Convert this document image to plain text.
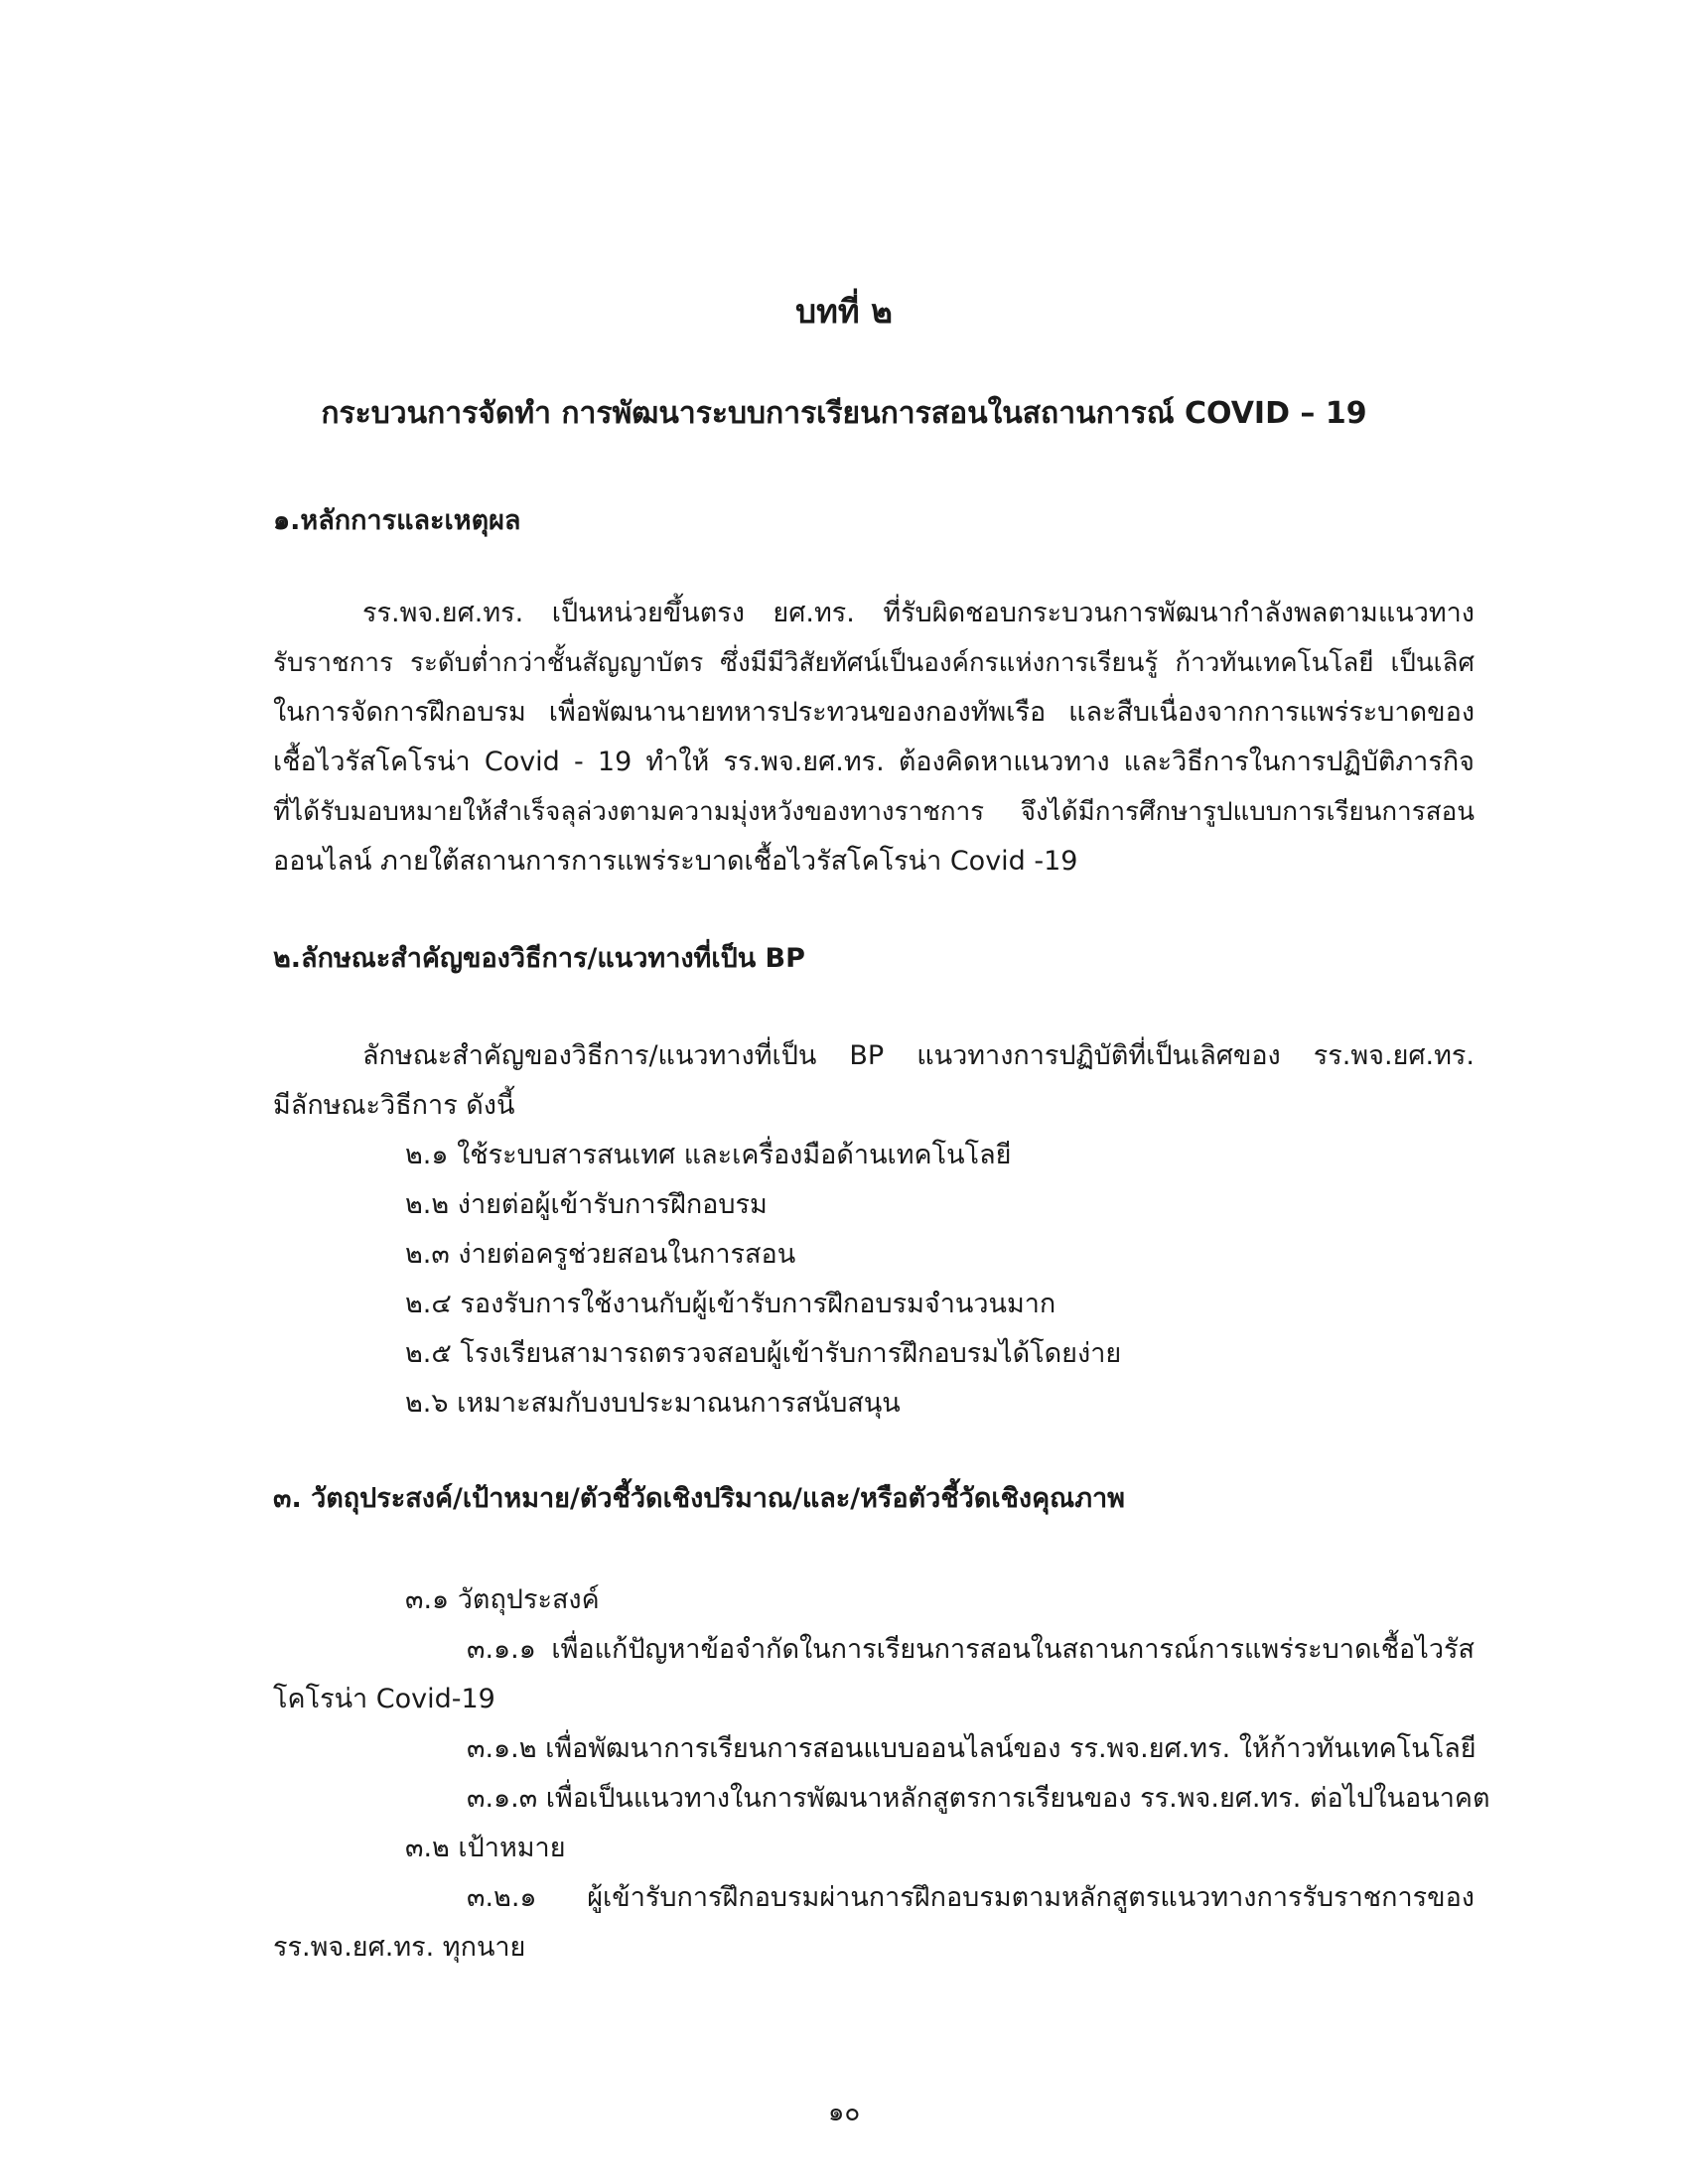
บทที่ ๒
กระบวนการจัดทำ การพัฒนาระบบการเรียนการสอนในสถานการณ์ COVID – 19
๑.หลักการและเหตุผล
รร.พจ.ยศ.ทร. เป็นหน่วยขึ้นตรง ยศ.ทร. ที่รับผิดชอบกระบวนการพัฒนากำลังพลตามแนวทาง
รับราชการ ระดับต่ำกว่าชั้นสัญญาบัตร ซึ่งมีมีวิสัยทัศน์เป็นองค์กรแห่งการเรียนรู้ ก้าวทันเทคโนโลยี เป็นเลิศ
ในการจัดการฝึกอบรม เพื่อพัฒนานายทหารประทวนของกองทัพเรือ และสืบเนื่องจากการแพร่ระบาดของ
เชื้อไวรัสโคโรน่า Covid - 19 ทำให้ รร.พจ.ยศ.ทร. ต้องคิดหาแนวทาง และวิธีการในการปฏิบัติภารกิจ
ที่ได้รับมอบหมายให้สำเร็จลุล่วงตามความมุ่งหวังของทางราชการ จึงได้มีการศึกษารูปแบบการเรียนการสอน
ออนไลน์ ภายใต้สถานการการแพร่ระบาดเชื้อไวรัสโคโรน่า Covid -19
๒.ลักษณะสำคัญของวิธีการ/แนวทางที่เป็น BP
ลักษณะสำคัญของวิธีการ/แนวทางที่เป็น BP แนวทางการปฏิบัติที่เป็นเลิศของ รร.พจ.ยศ.ทร.
มีลักษณะวิธีการ ดังนี้
๒.๑ ใช้ระบบสารสนเทศ และเครื่องมือด้านเทคโนโลยี
๒.๒ ง่ายต่อผู้เข้ารับการฝึกอบรม
๒.๓ ง่ายต่อครูช่วยสอนในการสอน
๒.๔ รองรับการใช้งานกับผู้เข้ารับการฝึกอบรมจำนวนมาก
๒.๕ โรงเรียนสามารถตรวจสอบผู้เข้ารับการฝึกอบรมได้โดยง่าย
๒.๖ เหมาะสมกับงบประมาณนการสนับสนุน
๓. วัตถุประสงค์/เป้าหมาย/ตัวชี้วัดเชิงปริมาณ/และ/หรือตัวชี้วัดเชิงคุณภาพ
๓.๑ วัตถุประสงค์
๓.๑.๑ เพื่อแก้ปัญหาข้อจำกัดในการเรียนการสอนในสถานการณ์การแพร่ระบาดเชื้อไวรัส
โคโรน่า Covid-19
๓.๑.๒ เพื่อพัฒนาการเรียนการสอนแบบออนไลน์ของ รร.พจ.ยศ.ทร. ให้ก้าวทันเทคโนโลยี
๓.๑.๓ เพื่อเป็นแนวทางในการพัฒนาหลักสูตรการเรียนของ รร.พจ.ยศ.ทร. ต่อไปในอนาคต
๓.๒ เป้าหมาย
๓.๒.๑ ผู้เข้ารับการฝึกอบรมผ่านการฝึกอบรมตามหลักสูตรแนวทางการรับราชการของ
รร.พจ.ยศ.ทร. ทุกนาย
๑๐
